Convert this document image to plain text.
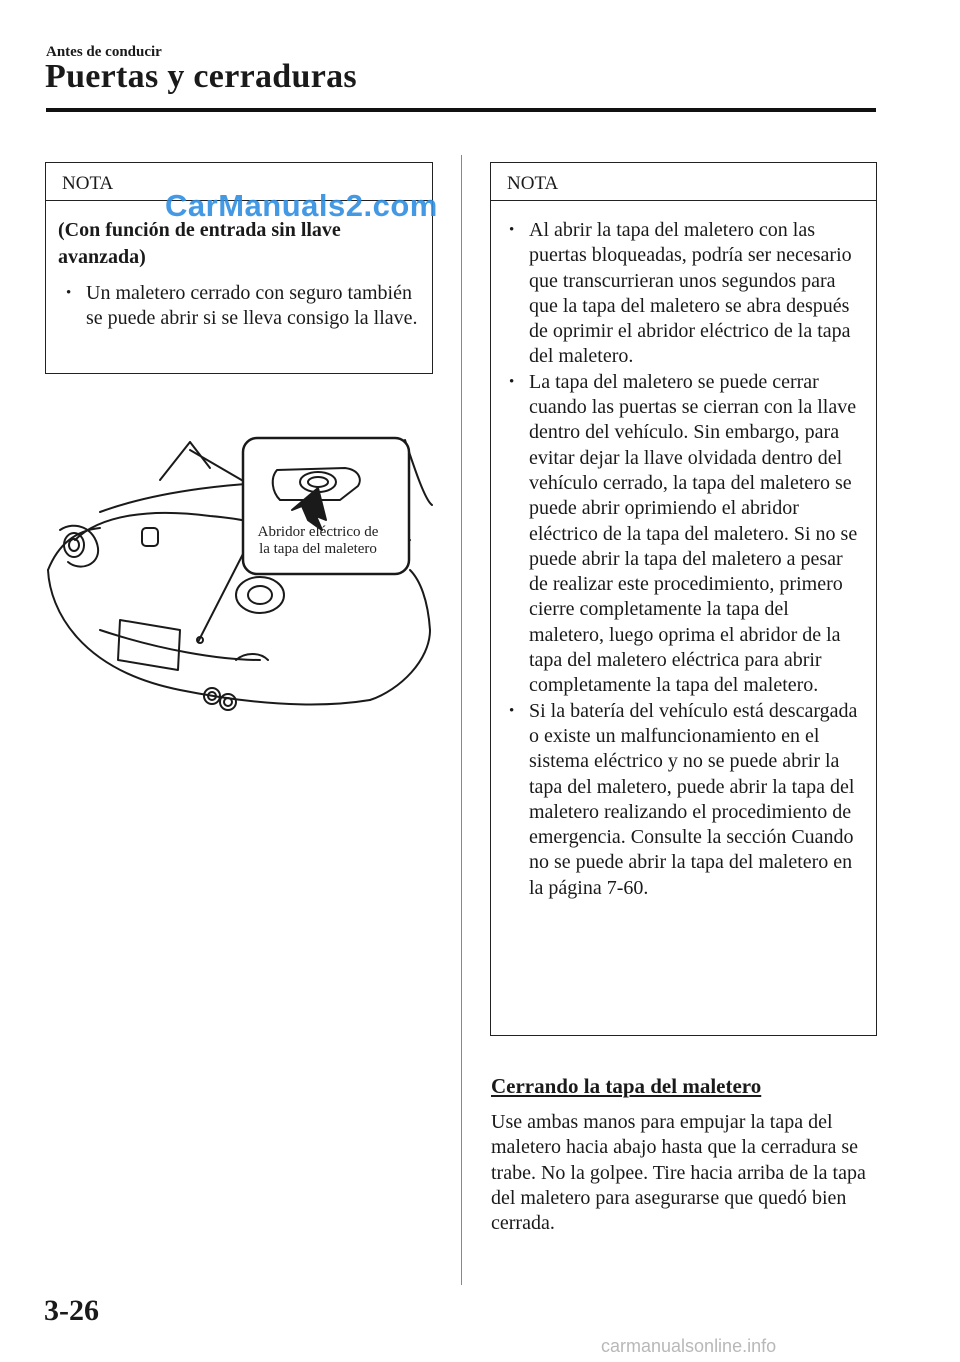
Antes de conducir
Puertas y cerraduras
NOTA
(Con función de entrada sin llave avanzada)
• Un maletero cerrado con seguro también se puede abrir si se lleva consigo la llave.
CarManuals2.com
Abridor eléctrico de
la tapa del maletero
NOTA
• Al abrir la tapa del maletero con las puertas bloqueadas, podría ser necesario que transcurrieran unos segundos para que la tapa del maletero se abra después de oprimir el abridor eléctrico de la tapa del maletero.
• La tapa del maletero se puede cerrar cuando las puertas se cierran con la llave dentro del vehículo. Sin embargo, para evitar dejar la llave olvidada dentro del vehículo cerrado, la tapa del maletero se puede abrir oprimiendo el abridor eléctrico de la tapa del maletero. Si no se puede abrir la tapa del maletero a pesar de realizar este procedimiento, primero cierre completamente la tapa del maletero, luego oprima el abridor de la tapa del maletero eléctrica para abrir completamente la tapa del maletero.
• Si la batería del vehículo está descargada o existe un malfuncionamiento en el sistema eléctrico y no se puede abrir la tapa del maletero, puede abrir la tapa del maletero realizando el procedimiento de emergencia. Consulte la sección Cuando no se puede abrir la tapa del maletero en la página 7-60.
Cerrando la tapa del maletero
Use ambas manos para empujar la tapa del maletero hacia abajo hasta que la cerradura se trabe. No la golpee. Tire hacia arriba de la tapa del maletero para asegurarse que quedó bien cerrada.
3-26
carmanualsonline.info
